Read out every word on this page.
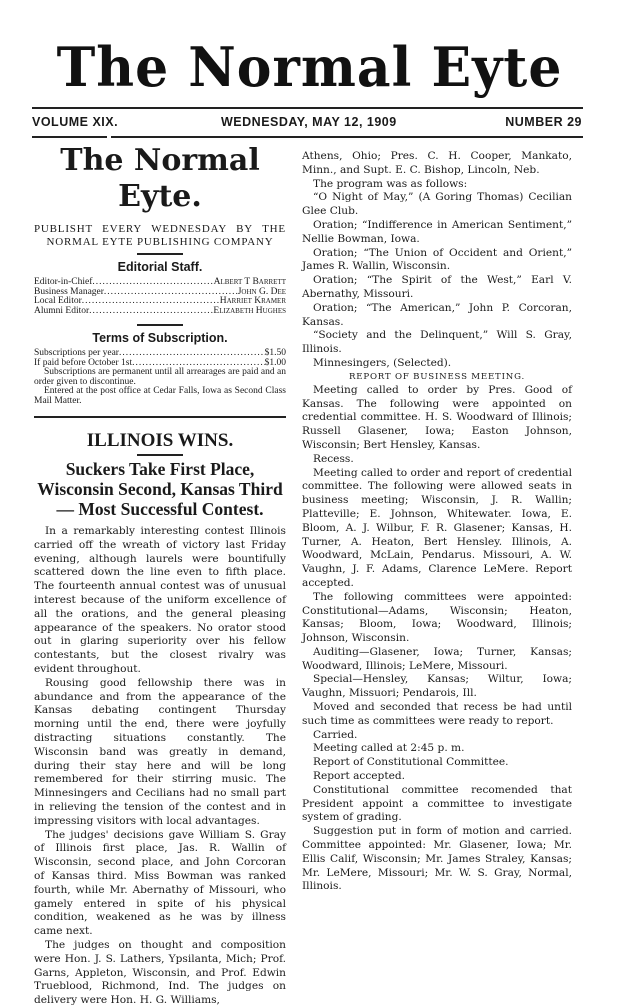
The Normal Eyte
VOLUME XIX.	WEDNESDAY, MAY 12, 1909	NUMBER 29
The Normal Eyte.
PUBLISHT EVERY WEDNESDAY BY THE
NORMAL EYTE PUBLISHING COMPANY
Editorial Staff.
Editor-in-Chief .....	Albert T Barrett
Business Manager .....	John G. Dee
Local Editor .....	Harriet Kramer
Alumni Editor .....	Elizabeth Hughes
Terms of Subscription.
Subscriptions per year .....	$1.50
If paid before October 1st .....	$1.00
Subscriptions are permanent until all arrearages are paid and an order given to discontinue.
Entered at the post office at Cedar Falls, Iowa as Second Class Mail Matter.
ILLINOIS WINS.
Suckers Take First Place, Wisconsin Second, Kansas Third— Most Successful Contest.

In a remarkably interesting contest Illinois carried off the wreath of victory last Friday evening, although laurels were bountifully scattered down the line even to fifth place. The fourteenth annual contest was of unusual interest because of the uniform excellence of all the orations, and the general pleasing appearance of the speakers. No orator stood out in glaring superiority over his fellow contestants, but the closest rivalry was evident throughout.

Rousing good fellowship there was in abundance and from the appearance of the Kansas debating contingent Thursday morning until the end, there were joyfully distracting situations constantly. The Wisconsin band was greatly in demand, during their stay here and will be long remembered for their stirring music. The Minnesingers and Cecilians had no small part in relieving the tension of the contest and in impressing visitors with local advantages.

The judges' decisions gave William S. Gray of Illinois first place, Jas. R. Wallin of Wisconsin, second place, and John Corcoran of Kansas third. Miss Bowman was ranked fourth, while Mr. Abernathy of Missouri, who gamely entered in spite of his physical condition, weakened as he was by illness came next.

The judges on thought and composition were Hon. J. S. Lathers, Ypsilanta, Mich; Prof. Garns, Appleton, Wisconsin, and Prof. Edwin Trueblood, Richmond, Ind. The judges on delivery were Hon. H. G. Williams,

Athens, Ohio; Pres. C. H. Cooper, Mankato, Minn., and Supt. E. C. Bishop, Lincoln, Neb.

The program was as follows:

“O Night of May,” (A Goring Thomas) Cecilian Glee Club.

Oration; “Indifference in American Sentiment,” Nellie Bowman, Iowa.

Oration; “The Union of Occident and Orient,” James R. Wallin, Wisconsin.

Oration; “The Spirit of the West,” Earl V. Abernathy, Missouri.

Oration; “The American,” John P. Corcoran, Kansas.

“Society and the Delinquent,” Will S. Gray, Illinois.

Minnesingers, (Selected).

REPORT OF BUSINESS MEETING.

Meeting called to order by Pres. Good of Kansas. The following were appointed on credential committee. H. S. Woodward of Illinois; Russell Glasener, Iowa; Easton Johnson, Wisconsin; Bert Hensley, Kansas.

Recess.

Meeting called to order and report of credential committee. The following were allowed seats in business meeting; Wisconsin, J. R. Wallin; Platteville; E. Johnson, Whitewater. Iowa, E. Bloom, A. J. Wilbur, F. R. Glasener; Kansas, H. Turner, A. Heaton, Bert Hensley. Illinois, A. Woodward, McLain, Pendarus. Missouri, A. W. Vaughn, J. F. Adams, Clarence LeMere. Report accepted.

The following committees were appointed: Constitutional—Adams, Wisconsin; Heaton, Kansas; Bloom, Iowa; Woodward, Illinois; Johnson, Wisconsin.

Auditing—Glasener, Iowa; Turner, Kansas; Woodward, Illinois; LeMere, Missouri.

Special—Hensley, Kansas; Wiltur, Iowa; Vaughn, Missuori; Pendarois, Ill.

Moved and seconded that recess be had until such time as committees were ready to report.

Carried.

Meeting called at 2:45 p. m.

Report of Constitutional Committee.

Report accepted.

Constitutional committee recomended that President appoint a committee to investigate system of grading.

Suggestion put in form of motion and carried. Committee appointed: Mr. Glasener, Iowa; Mr. Ellis Calif, Wisconsin; Mr. James Straley, Kansas; Mr. LeMere, Missouri; Mr. W. S. Gray, Normal, Illinois.
